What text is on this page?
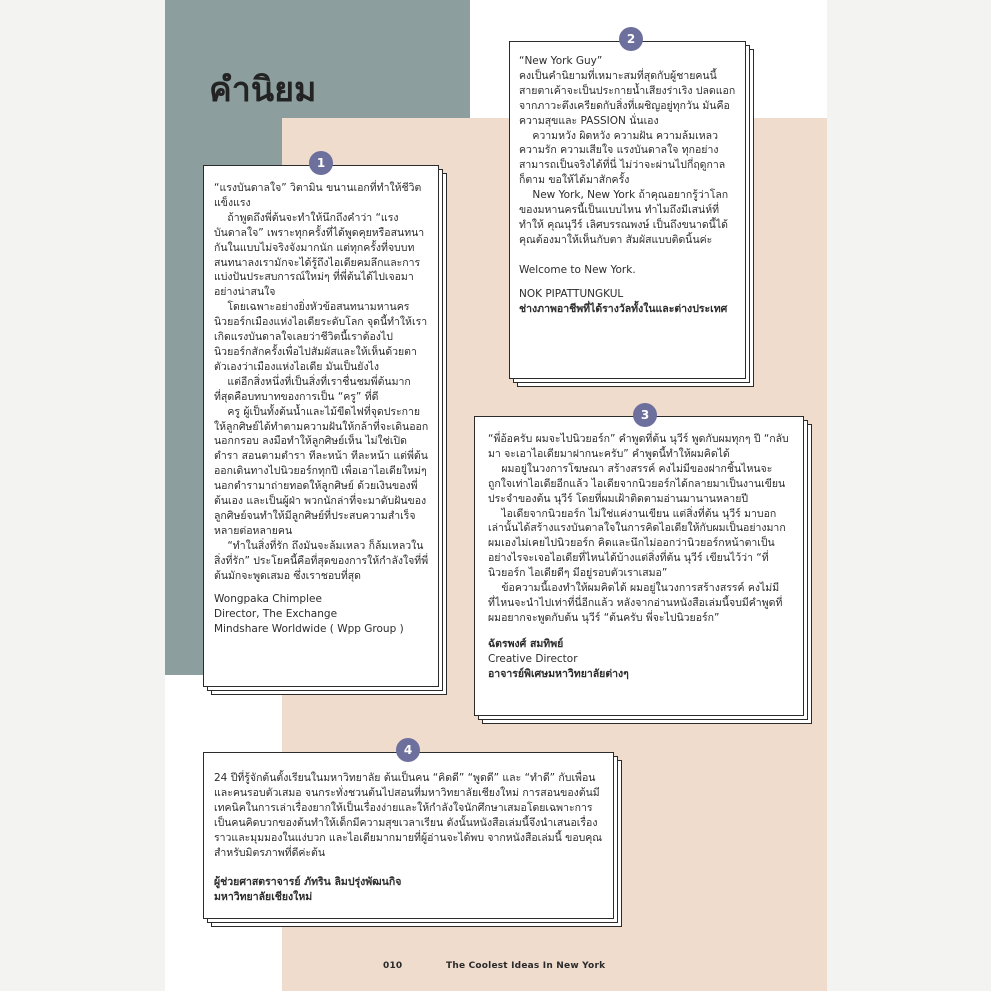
คำนิยม

“แรงบันดาลใจ” วิตามิน ขนานเอกที่ทำให้ชีวิตแข็งแรง
ถ้าพูดถึงพี่ต้นจะทำให้นึกถึงคำว่า “แรงบันดาลใจ” เพราะทุกครั้งที่ได้พูดคุยหรือสนทนากันในแบบไม่จริงจังมากนัก แต่ทุกครั้งที่จบบทสนทนาลงเรามักจะได้รู้ถึงไอเดียคมลึกและการแบ่งปันประสบการณ์ใหม่ๆ ที่พี่ต้นได้ไปเจอมาอย่างน่าสนใจ
โดยเฉพาะอย่างยิ่งหัวข้อสนทนามหานครนิวยอร์กเมืองแห่งไอเดียระดับโลก จุดนี้ทำให้เราเกิดแรงบันดาลใจเลยว่าชีวิตนี้เราต้องไปนิวยอร์กสักครั้งเพื่อไปสัมผัสและให้เห็นด้วยตาตัวเองว่าเมืองแห่งไอเดีย มันเป็นยังไง
แต่อีกสิ่งหนึ่งที่เป็นสิ่งที่เราชื่นชมพี่ต้นมากที่สุดคือบทบาทของการเป็น “ครู” ที่ดี
ครู ผู้เป็นทั้งต้นน้ำและไม้ขีดไฟที่จุดประกายให้ลูกศิษย์ได้ทำตามความฝันให้กล้าที่จะเดินออกนอกกรอบ ลงมือทำให้ลูกศิษย์เห็น ไม่ใช่เปิดตำรา สอนตามตำรา ทีละหน้า ทีละหน้า แต่พี่ต้น ออกเดินทางไปนิวยอร์กทุกปี เพื่อเอาไอเดียใหม่ๆ นอกตำรามาถ่ายทอดให้ลูกศิษย์ ด้วยเงินของพี่ต้นเอง และเป็นผู้ฝ่า พวกนักล่าที่จะมาดับฝันของลูกศิษย์จนทำให้มีลูกศิษย์ที่ประสบความสำเร็จหลายต่อหลายคน
“ทำในสิ่งที่รัก ถึงมันจะล้มเหลว ก็ล้มเหลวในสิ่งที่รัก” ประโยคนี้คือที่สุดของการให้กำลังใจที่พี่ต้นมักจะพูดเสมอ ซึ่งเราชอบที่สุด

Wongpaka Chimplee

Director, The Exchange

Mindshare Worldwide ( Wpp Group )

1

“New York Guy”
คงเป็นคำนิยามที่เหมาะสมที่สุดกับผู้ชายคนนี้ สายตาเค้าจะเป็นประกายน้ำเสียงร่าเริง ปลดแอกจากภาวะตึงเครียดกับสิ่งที่เผชิญอยู่ทุกวัน มันคือความสุขและ PASSION นั่นเอง
ความหวัง ผิดหวัง ความฝัน ความล้มเหลว ความรัก ความเสียใจ แรงบันดาลใจ ทุกอย่างสามารถเป็นจริงได้ที่นี่ ไม่ว่าจะผ่านไปกี่ฤดูกาลก็ตาม ขอให้ได้มาสักครั้ง
New York, New York ถ้าคุณอยากรู้ว่าโลกของมหานครนี้เป็นแบบไหน ทำไมถึงมีเสน่ห์ที่ทำให้ คุณนุวีร์ เลิศบรรณพงษ์ เป็นถึงขนาดนี้ได้ คุณต้องมาให้เห็นกับตา สัมผัสแบบติดนิ้นค่ะ

Welcome to New York.

NOK PIPATTUNGKUL

ช่างภาพอาชีพที่ได้รางวัลทั้งในและต่างประเทศ

2

“พี่อ้อครับ ผมจะไปนิวยอร์ก” คำพูดที่ต้น นุวีร์ พูดกับผมทุกๆ ปี “กลับมา จะเอาไอเดียมาฝากนะครับ” คำพูดนี้ทำให้ผมคิดได้
ผมอยู่ในวงการโฆษณา สร้างสรรค์ คงไม่มีของฝากชิ้นไหนจะถูกใจเท่าไอเดียอีกแล้ว ไอเดียจากนิวยอร์กได้กลายมาเป็นงานเขียนประจำของต้น นุวีร์ โดยที่ผมเฝ้าติดตามอ่านมานานหลายปี
ไอเดียจากนิวยอร์ก ไม่ใช่แค่งานเขียน แต่สิ่งที่ต้น นุวีร์ มาบอกเล่านั้นได้สร้างแรงบันดาลใจในการคิดไอเดียให้กับผมเป็นอย่างมาก ผมเองไม่เคยไปนิวยอร์ก คิดและนึกไม่ออกว่านิวยอร์กหน้าตาเป็นอย่างไรจะเจอไอเดียที่ไหนได้บ้างแต่สิ่งที่ต้น นุวีร์ เขียนไว้ว่า “ที่นิวยอร์ก ไอเดียดีๆ มีอยู่รอบตัวเราเสมอ”
ข้อความนี้เองทำให้ผมคิดได้ ผมอยู่ในวงการสร้างสรรค์ คงไม่มีที่ไหนจะนำไปเท่าที่นี่อีกแล้ว หลังจากอ่านหนังสือเล่มนี้จบมีคำพูดที่ผมอยากจะพูดกับต้น นุวีร์ “ต้นครับ พี่จะไปนิวยอร์ก”

ฉัตรพงศ์ สมทิพย์

Creative Director

อาจารย์พิเศษมหาวิทยาลัยต่างๆ

3

24 ปีที่รู้จักต้นตั้งเรียนในมหาวิทยาลัย ต้นเป็นคน “คิดดี” “พูดดี” และ “ทำดี” กับเพื่อนและคนรอบตัวเสมอ จนกระทั่งชวนต้นไปสอนที่มหาวิทยาลัยเชียงใหม่ การสอนของต้นมีเทคนิคในการเล่าเรื่องยากให้เป็นเรื่องง่ายและให้กำลังใจนักศึกษาเสมอโดยเฉพาะการเป็นคนคิดบวกของต้นทำให้เด็กมีความสุขเวลาเรียน ดังนั้นหนังสือเล่มนี้จึงนำเสนอเรื่องราวและมุมมองในแง่บวก และไอเดียมากมายที่ผู้อ่านจะได้พบ จากหนังสือเล่มนี้ ขอบคุณสำหรับมิตรภาพที่ดีค่ะต้น

ผู้ช่วยศาสตราจารย์ ภัทริน ลิมปรุ่งพัฒนกิจ

มหาวิทยาลัยเชียงใหม่

4
010	The Coolest Ideas In New York
